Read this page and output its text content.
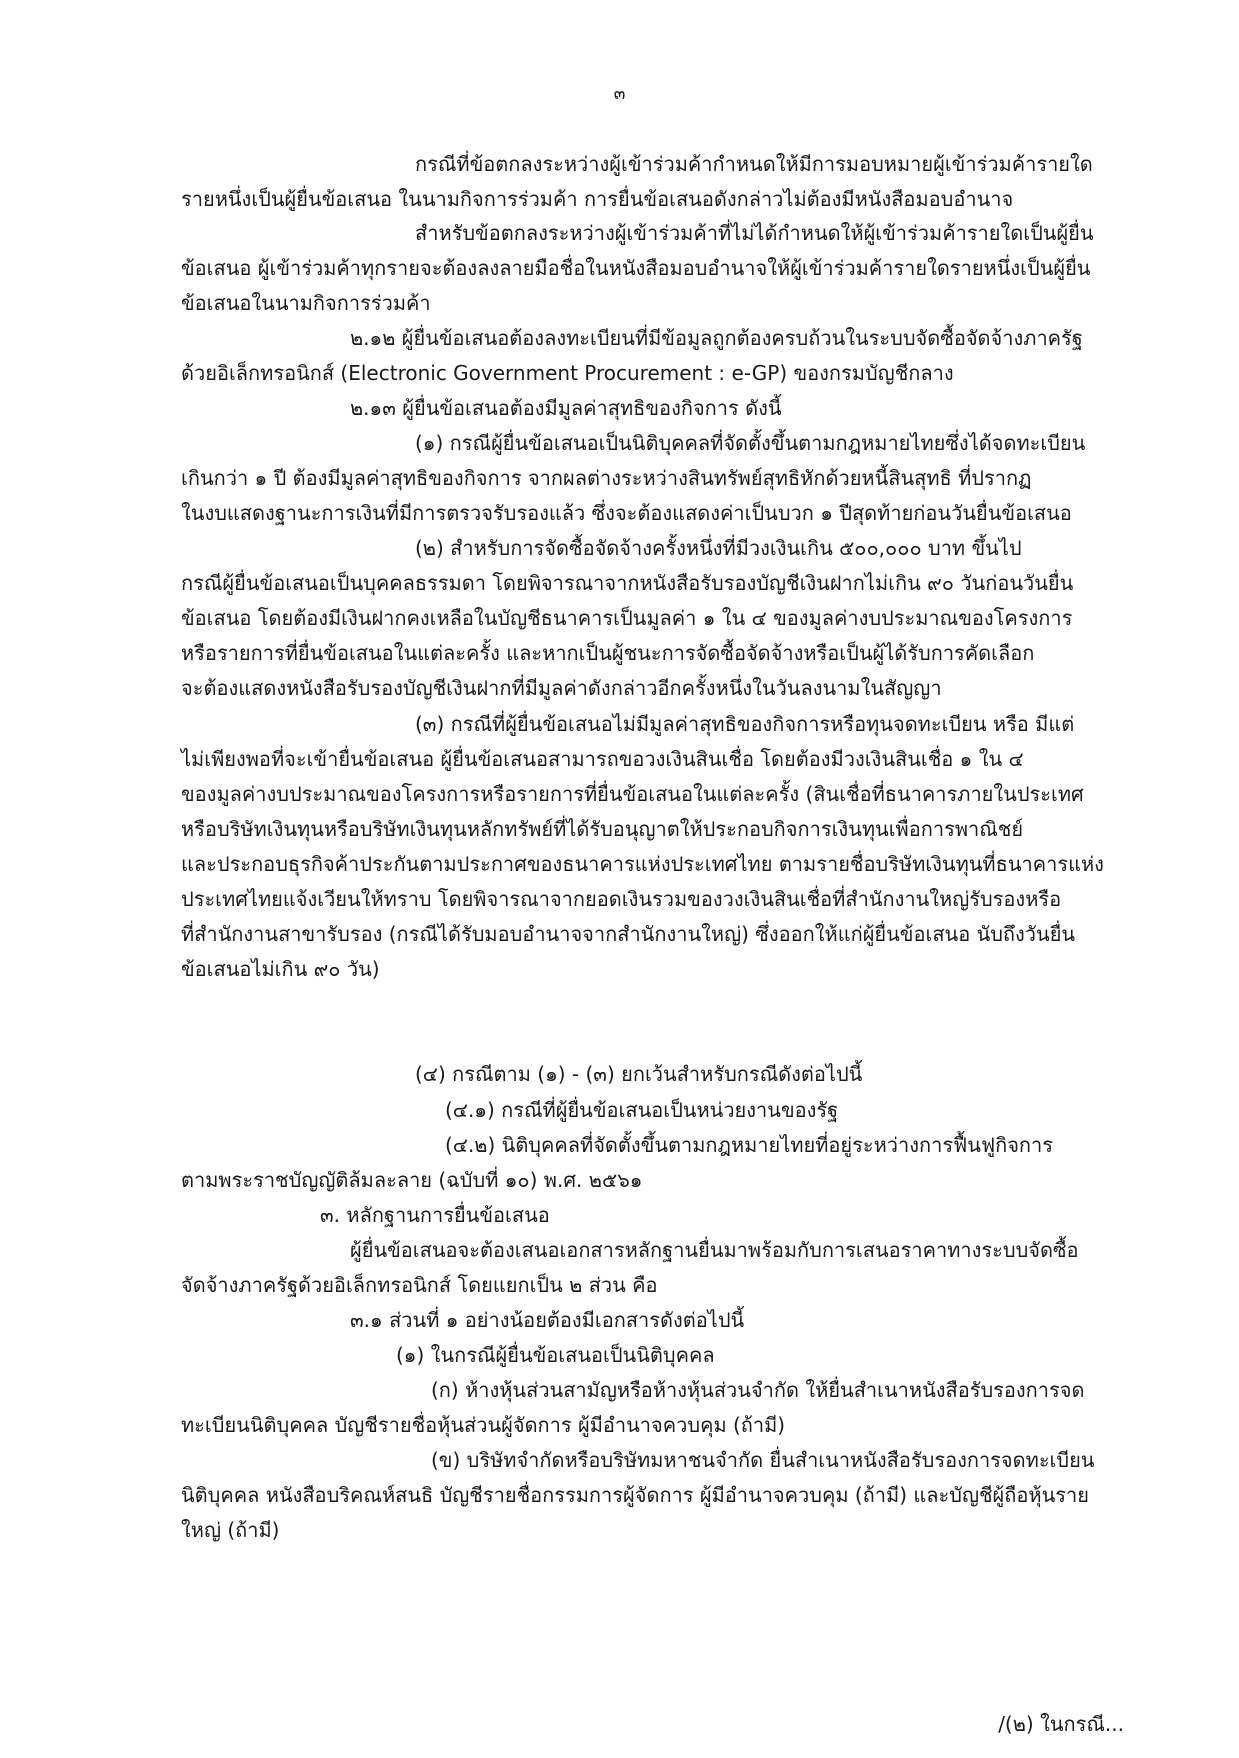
๓
กรณีที่ข้อตกลงระหว่างผู้เข้าร่วมค้ากำหนดให้มีการมอบหมายผู้เข้าร่วมค้ารายใด
รายหนึ่งเป็นผู้ยื่นข้อเสนอ ในนามกิจการร่วมค้า การยื่นข้อเสนอดังกล่าวไม่ต้องมีหนังสือมอบอำนาจ
สำหรับข้อตกลงระหว่างผู้เข้าร่วมค้าที่ไม่ได้กำหนดให้ผู้เข้าร่วมค้ารายใดเป็นผู้ยื่น
ข้อเสนอ ผู้เข้าร่วมค้าทุกรายจะต้องลงลายมือชื่อในหนังสือมอบอำนาจให้ผู้เข้าร่วมค้ารายใดรายหนึ่งเป็นผู้ยื่น
ข้อเสนอในนามกิจการร่วมค้า
๒.๑๒ ผู้ยื่นข้อเสนอต้องลงทะเบียนที่มีข้อมูลถูกต้องครบถ้วนในระบบจัดซื้อจัดจ้างภาครัฐ
ด้วยอิเล็กทรอนิกส์ (Electronic Government Procurement : e-GP) ของกรมบัญชีกลาง
๒.๑๓ ผู้ยื่นข้อเสนอต้องมีมูลค่าสุทธิของกิจการ ดังนี้
(๑) กรณีผู้ยื่นข้อเสนอเป็นนิติบุคคลที่จัดตั้งขึ้นตามกฎหมายไทยซึ่งได้จดทะเบียน
เกินกว่า ๑ ปี ต้องมีมูลค่าสุทธิของกิจการ จากผลต่างระหว่างสินทรัพย์สุทธิหักด้วยหนี้สินสุทธิ ที่ปรากฏ
ในงบแสดงฐานะการเงินที่มีการตรวจรับรองแล้ว ซึ่งจะต้องแสดงค่าเป็นบวก ๑ ปีสุดท้ายก่อนวันยื่นข้อเสนอ
(๒) สำหรับการจัดซื้อจัดจ้างครั้งหนึ่งที่มีวงเงินเกิน ๕๐๐,๐๐๐ บาท ขึ้นไป
กรณีผู้ยื่นข้อเสนอเป็นบุคคลธรรมดา โดยพิจารณาจากหนังสือรับรองบัญชีเงินฝากไม่เกิน ๙๐ วันก่อนวันยื่น
ข้อเสนอ โดยต้องมีเงินฝากคงเหลือในบัญชีธนาคารเป็นมูลค่า ๑ ใน ๔ ของมูลค่างบประมาณของโครงการ
หรือรายการที่ยื่นข้อเสนอในแต่ละครั้ง และหากเป็นผู้ชนะการจัดซื้อจัดจ้างหรือเป็นผู้ได้รับการคัดเลือก
จะต้องแสดงหนังสือรับรองบัญชีเงินฝากที่มีมูลค่าดังกล่าวอีกครั้งหนึ่งในวันลงนามในสัญญา
(๓) กรณีที่ผู้ยื่นข้อเสนอไม่มีมูลค่าสุทธิของกิจการหรือทุนจดทะเบียน หรือ มีแต่
ไม่เพียงพอที่จะเข้ายื่นข้อเสนอ ผู้ยื่นข้อเสนอสามารถขอวงเงินสินเชื่อ โดยต้องมีวงเงินสินเชื่อ ๑ ใน ๔
ของมูลค่างบประมาณของโครงการหรือรายการที่ยื่นข้อเสนอในแต่ละครั้ง (สินเชื่อที่ธนาคารภายในประเทศ
หรือบริษัทเงินทุนหรือบริษัทเงินทุนหลักทรัพย์ที่ได้รับอนุญาตให้ประกอบกิจการเงินทุนเพื่อการพาณิชย์
และประกอบธุรกิจค้าประกันตามประกาศของธนาคารแห่งประเทศไทย ตามรายชื่อบริษัทเงินทุนที่ธนาคารแห่ง
ประเทศไทยแจ้งเวียนให้ทราบ โดยพิจารณาจากยอดเงินรวมของวงเงินสินเชื่อที่สำนักงานใหญ่รับรองหรือ
ที่สำนักงานสาขารับรอง (กรณีได้รับมอบอำนาจจากสำนักงานใหญ่) ซึ่งออกให้แก่ผู้ยื่นข้อเสนอ นับถึงวันยื่น
ข้อเสนอไม่เกิน ๙๐ วัน)
(๔) กรณีตาม (๑) - (๓) ยกเว้นสำหรับกรณีดังต่อไปนี้
(๔.๑) กรณีที่ผู้ยื่นข้อเสนอเป็นหน่วยงานของรัฐ
(๔.๒) นิติบุคคลที่จัดตั้งขึ้นตามกฎหมายไทยที่อยู่ระหว่างการฟื้นฟูกิจการ
ตามพระราชบัญญัติล้มละลาย (ฉบับที่ ๑๐) พ.ศ. ๒๕๖๑
๓. หลักฐานการยื่นข้อเสนอ
ผู้ยื่นข้อเสนอจะต้องเสนอเอกสารหลักฐานยื่นมาพร้อมกับการเสนอราคาทางระบบจัดซื้อ
จัดจ้างภาครัฐด้วยอิเล็กทรอนิกส์ โดยแยกเป็น ๒ ส่วน คือ
๓.๑ ส่วนที่ ๑ อย่างน้อยต้องมีเอกสารดังต่อไปนี้
(๑) ในกรณีผู้ยื่นข้อเสนอเป็นนิติบุคคล
(ก) ห้างหุ้นส่วนสามัญหรือห้างหุ้นส่วนจำกัด ให้ยื่นสำเนาหนังสือรับรองการจด
ทะเบียนนิติบุคคล บัญชีรายชื่อหุ้นส่วนผู้จัดการ ผู้มีอำนาจควบคุม (ถ้ามี)
(ข) บริษัทจำกัดหรือบริษัทมหาชนจำกัด ยื่นสำเนาหนังสือรับรองการจดทะเบียน
นิติบุคคล หนังสือบริคณห์สนธิ บัญชีรายชื่อกรรมการผู้จัดการ ผู้มีอำนาจควบคุม (ถ้ามี) และบัญชีผู้ถือหุ้นราย
ใหญ่ (ถ้ามี)
/(๒) ในกรณี...
